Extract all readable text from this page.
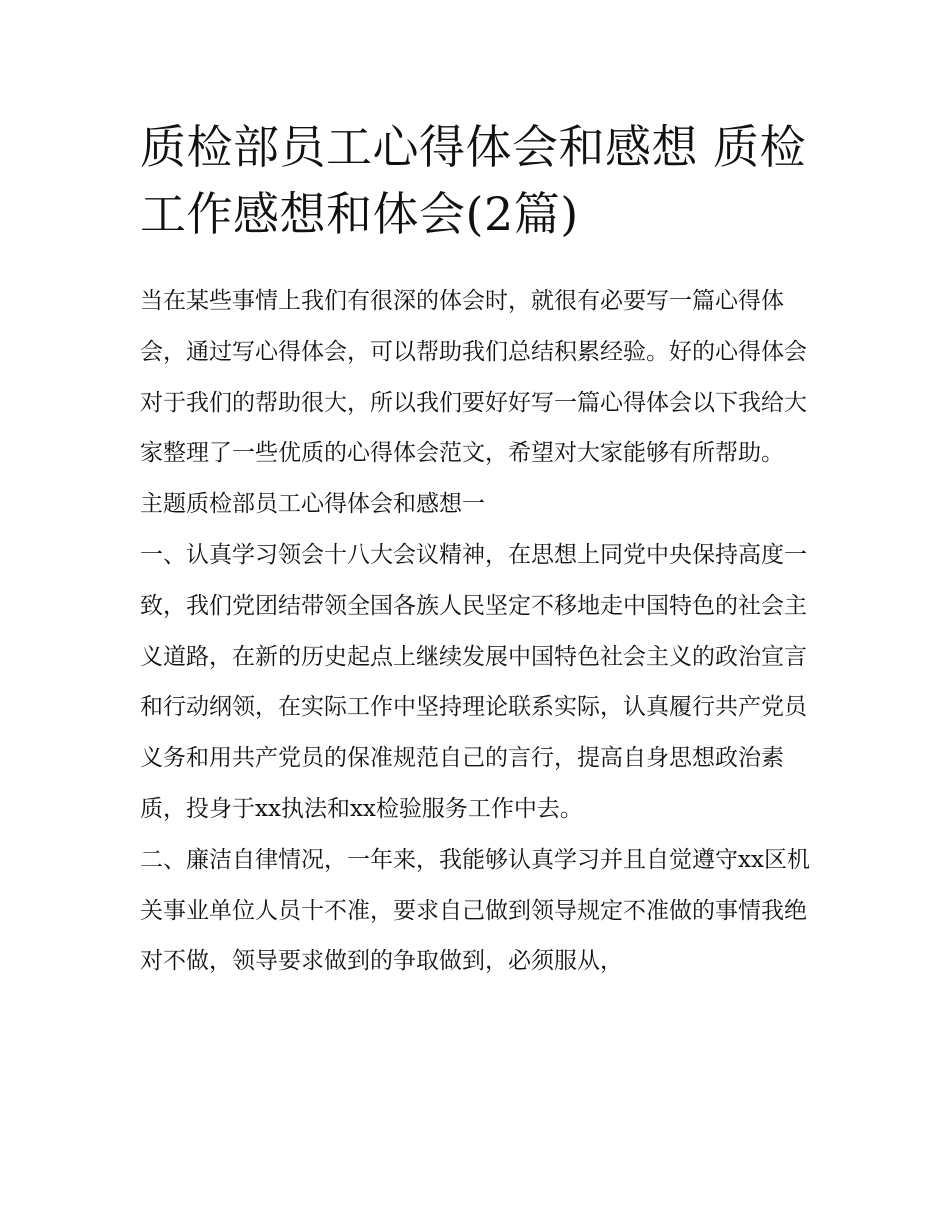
质检部员工心得体会和感想 质检工作感想和体会(2篇)

当在某些事情上我们有很深的体会时，就很有必要写一篇心得体会，通过写心得体会，可以帮助我们总结积累经验。好的心得体会对于我们的帮助很大，所以我们要好好写一篇心得体会以下我给大家整理了一些优质的心得体会范文，希望对大家能够有所帮助。

主题质检部员工心得体会和感想一

一、认真学习领会十八大会议精神，在思想上同党中央保持高度一致，我们党团结带领全国各族人民坚定不移地走中国特色的社会主义道路，在新的历史起点上继续发展中国特色社会主义的政治宣言和行动纲领，在实际工作中坚持理论联系实际，认真履行共产党员义务和用共产党员的保准规范自己的言行，提高自身思想政治素质，投身于xx执法和xx检验服务工作中去。

二、廉洁自律情况，一年来，我能够认真学习并且自觉遵守xx区机关事业单位人员十不准，要求自己做到领导规定不准做的事情我绝对不做，领导要求做到的争取做到，必须服从，
